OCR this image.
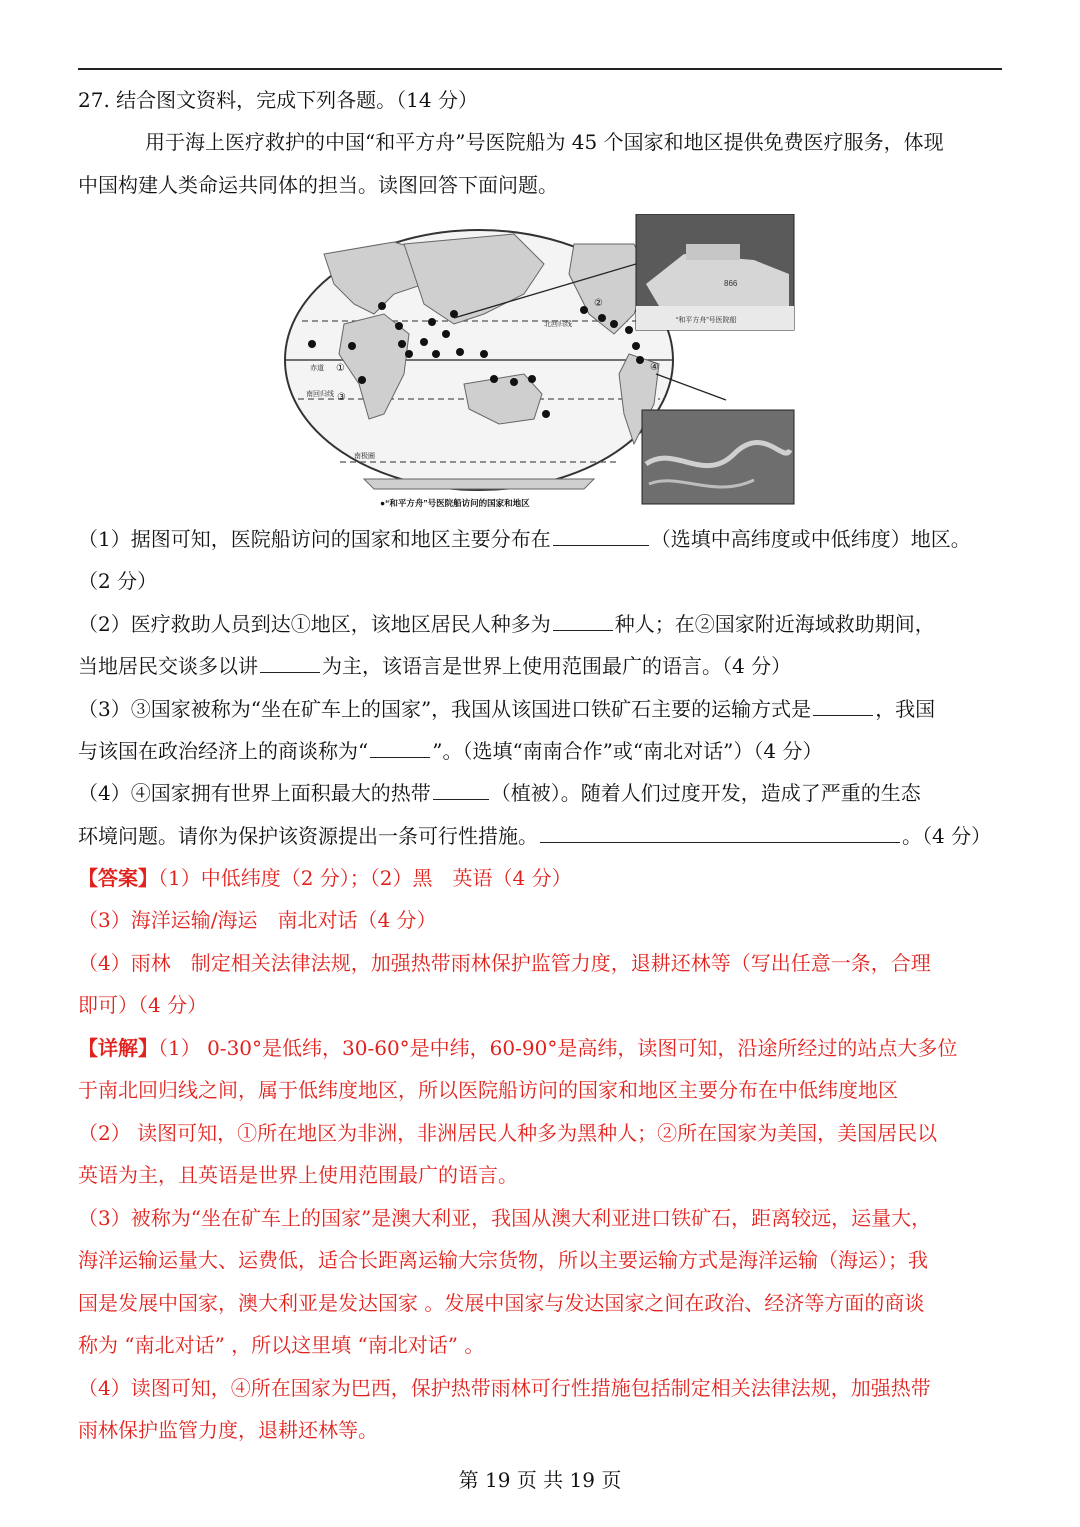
27. 结合图文资料，完成下列各题。（14 分）
用于海上医疗救护的中国“和平方舟”号医院船为 45 个国家和地区提供免费医疗服务，体现
中国构建人类命运共同体的担当。读图回答下面问题。
北回归线
赤道
南回归线
南极圈
①
②
③
④
866
“和平方舟”号医院船
●“和平方舟”号医院船访问的国家和地区
（1）据图可知，医院船访问的国家和地区主要分布在	（选填中高纬度或中低纬度）地区。
（2 分）
（2）医疗救助人员到达①地区，该地区居民人种多为	种人；在②国家附近海域救助期间，
当地居民交谈多以讲	为主，该语言是世界上使用范围最广的语言。（4 分）
（3）③国家被称为“坐在矿车上的国家”，我国从该国进口铁矿石主要的运输方式是	，我国
与该国在政治经济上的商谈称为“	”。（选填“南南合作”或“南北对话”）（4 分）
（4）④国家拥有世界上面积最大的热带	（植被）。随着人们过度开发，造成了严重的生态
环境问题。请你为保护该资源提出一条可行性措施。	。（4 分）
【答案】（1）中低纬度（2 分）；（2）黑　英语（4 分）
（3）海洋运输/海运　南北对话（4 分）
（4）雨林　制定相关法律法规，加强热带雨林保护监管力度，退耕还林等（写出任意一条，合理
即可）（4 分）
【详解】（1） 0-30°是低纬，30-60°是中纬，60-90°是高纬，读图可知，沿途所经过的站点大多位
于南北回归线之间，属于低纬度地区，所以医院船访问的国家和地区主要分布在中低纬度地区
（2） 读图可知，①所在地区为非洲，非洲居民人种多为黑种人；②所在国家为美国，美国居民以
英语为主，且英语是世界上使用范围最广的语言。
（3）被称为“坐在矿车上的国家”是澳大利亚，我国从澳大利亚进口铁矿石，距离较远，运量大，
海洋运输运量大、运费低，适合长距离运输大宗货物，所以主要运输方式是海洋运输（海运）；我
国是发展中国家，澳大利亚是发达国家 。发展中国家与发达国家之间在政治、经济等方面的商谈
称为 “南北对话” ，所以这里填 “南北对话” 。
（4）读图可知，④所在国家为巴西，保护热带雨林可行性措施包括制定相关法律法规，加强热带
雨林保护监管力度，退耕还林等。
第 19 页 共 19 页
